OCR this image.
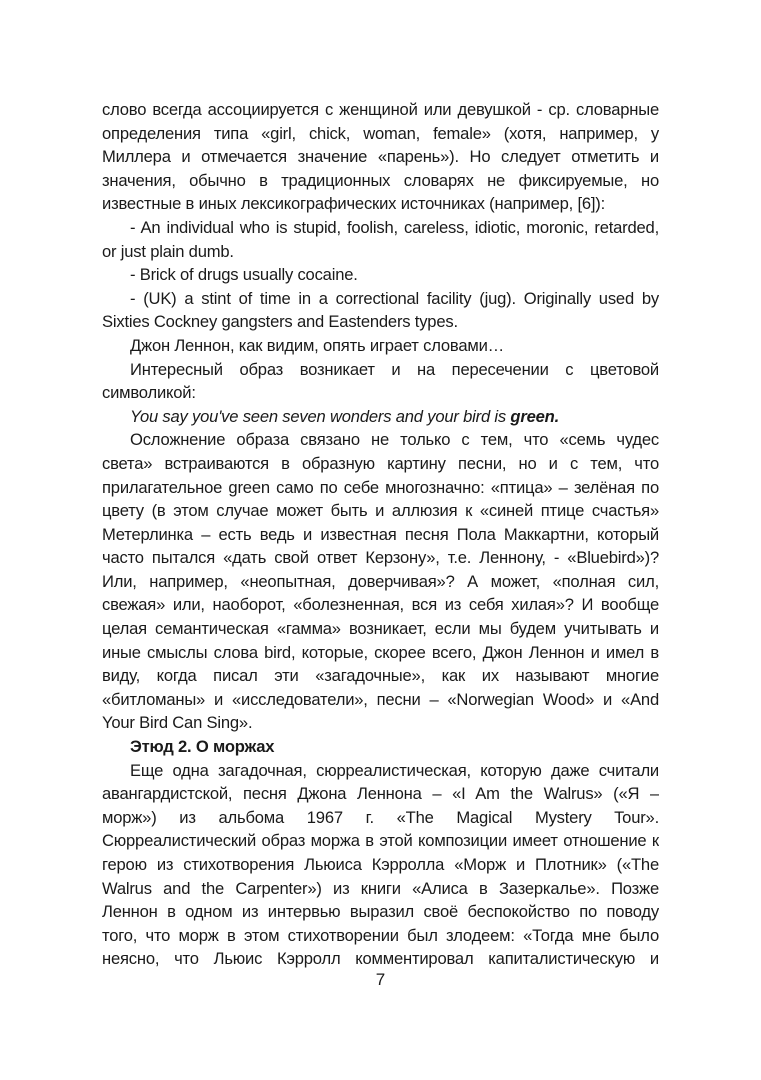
слово всегда ассоциируется с женщиной или девушкой - ср. словарные
определения типа «girl, chick, woman, female» (хотя, например, у
Миллера и отмечается значение «парень»). Но следует отметить и
значения, обычно в традиционных словарях не фиксируемые, но
известные в иных лексикографических источниках (например, [6]):
- An individual who is stupid, foolish, careless, idiotic, moronic, retarded,
or just plain dumb.
- Brick of drugs usually cocaine.
- (UK) a stint of time in a correctional facility (jug). Originally used by
Sixties Cockney gangsters and Eastenders types.
Джон Леннон, как видим, опять играет словами…
Интересный образ возникает и на пересечении с цветовой
символикой:
You say you've seen seven wonders and your bird is green.
Осложнение образа связано не только с тем, что «семь чудес
света» встраиваются в образную картину песни, но и с тем, что
прилагательное green само по себе многозначно: «птица» – зелёная по
цвету (в этом случае может быть и аллюзия к «синей птице счастья»
Метерлинка – есть ведь и известная песня Пола Маккартни, который
часто пытался «дать свой ответ Керзону», т.е. Леннону, - «Bluebird»)?
Или, например, «неопытная, доверчивая»? А может, «полная сил,
свежая» или, наоборот, «болезненная, вся из себя хилая»? И вообще
целая семантическая «гамма» возникает, если мы будем учитывать и
иные смыслы слова bird, которые, скорее всего, Джон Леннон и имел в
виду, когда писал эти «загадочные», как их называют многие
«битломаны» и «исследователи», песни – «Norwegian Wood» и «And
Your Bird Can Sing».
Этюд 2. О моржах
Еще одна загадочная, сюрреалистическая, которую даже считали
авангардистской, песня Джона Леннона – «I Am the Walrus» («Я –
морж») из альбома 1967 г. «The Magical Mystery Tour».
Сюрреалистический образ моржа в этой композиции имеет отношение к
герою из стихотворения Льюиса Кэрролла «Морж и Плотник» («The
Walrus and the Carpenter») из книги «Алиса в Зазеркалье». Позже
Леннон в одном из интервью выразил своё беспокойство по поводу
того, что морж в этом стихотворении был злодеем: «Тогда мне было
неясно, что Льюис Кэрролл комментировал капиталистическую и
7
